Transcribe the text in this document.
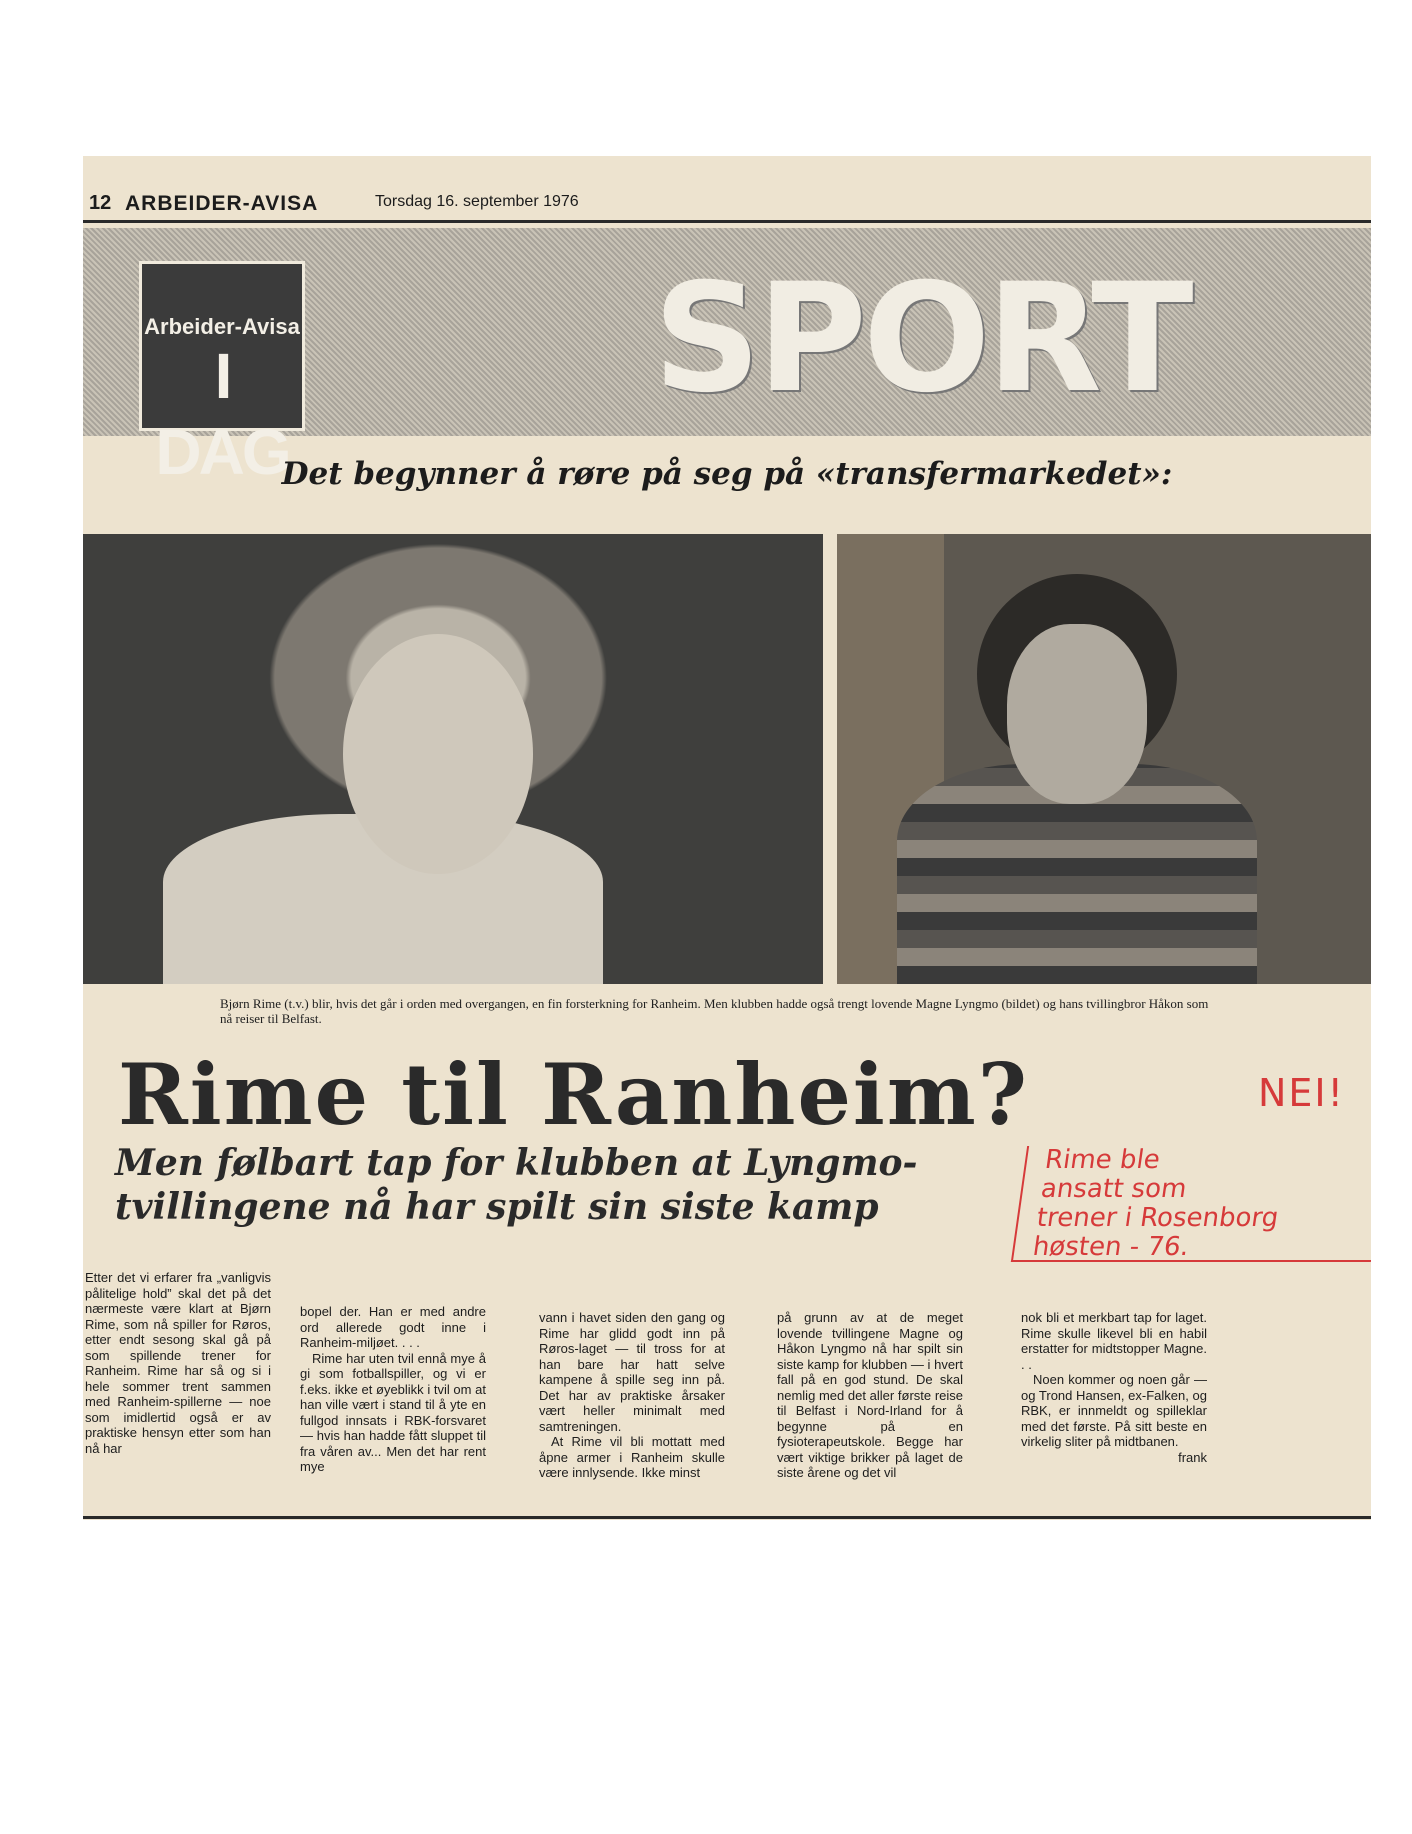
12 ARBEIDER-AVISA	Torsdag 16. september 1976
Arbeider-Avisa
I DAG
SPORT
Det begynner å røre på seg på «transfermarkedet»:
Bjørn Rime (t.v.) blir, hvis det går i orden med overgangen, en fin forsterkning for Ranheim. Men klubben hadde også trengt lovende Magne Lyngmo (bildet) og hans tvillingbror Håkon som nå reiser til Belfast.
Rime til Ranheim?	NEI!
Men følbart tap for klubben at Lyngmo-
tvillingene nå har spilt sin siste kamp
Rime ble
ansatt som
trener i Rosenborg
høsten - 76.

Etter det vi erfarer fra „vanligvis pålitelige hold” skal det på det nærmeste være klart at Bjørn Rime, som nå spiller for Røros, etter endt sesong skal gå på som spillende trener for Ranheim. Rime har så og si i hele sommer trent sammen med Ranheim-spillerne — noe som imidlertid også er av praktiske hensyn etter som han nå har

bopel der. Han er med andre ord allerede godt inne i Ranheim-miljøet. . . .

Rime har uten tvil ennå mye å gi som fotballspiller, og vi er f.eks. ikke et øyeblikk i tvil om at han ville vært i stand til å yte en fullgod innsats i RBK-forsvaret — hvis han hadde fått sluppet til fra våren av... Men det har rent mye

vann i havet siden den gang og Rime har glidd godt inn på Røros-laget — til tross for at han bare har hatt selve kampene å spille seg inn på. Det har av praktiske årsaker vært heller minimalt med samtreningen.

At Rime vil bli mottatt med åpne armer i Ranheim skulle være innlysende. Ikke minst

på grunn av at de meget lovende tvillingene Magne og Håkon Lyngmo nå har spilt sin siste kamp for klubben — i hvert fall på en god stund. De skal nemlig med det aller første reise til Belfast i Nord-Irland for å begynne på en fysioterapeutskole. Begge har vært viktige brikker på laget de siste årene og det vil

nok bli et merkbart tap for laget. Rime skulle likevel bli en habil erstatter for midtstopper Magne. . .

Noen kommer og noen går — og Trond Hansen, ex-Falken, og RBK, er innmeldt og spilleklar med det første. På sitt beste en virkelig sliter på midtbanen.

frank
